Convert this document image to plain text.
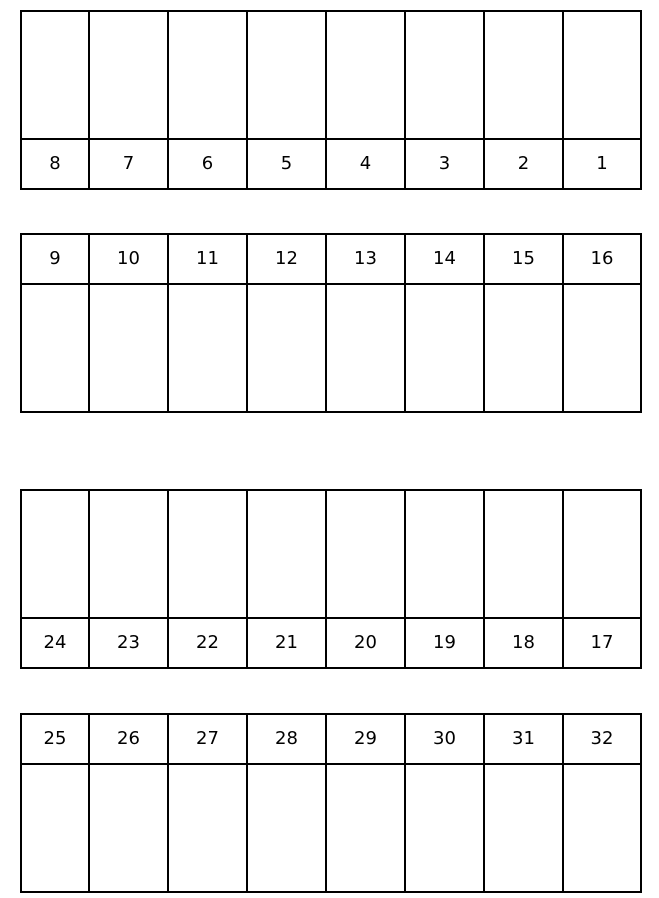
8	7	6	5	4	3	2	1
9	10	11	12	13	14	15	16
24	23	22	21	20	19	18	17
25	26	27	28	29	30	31	32
